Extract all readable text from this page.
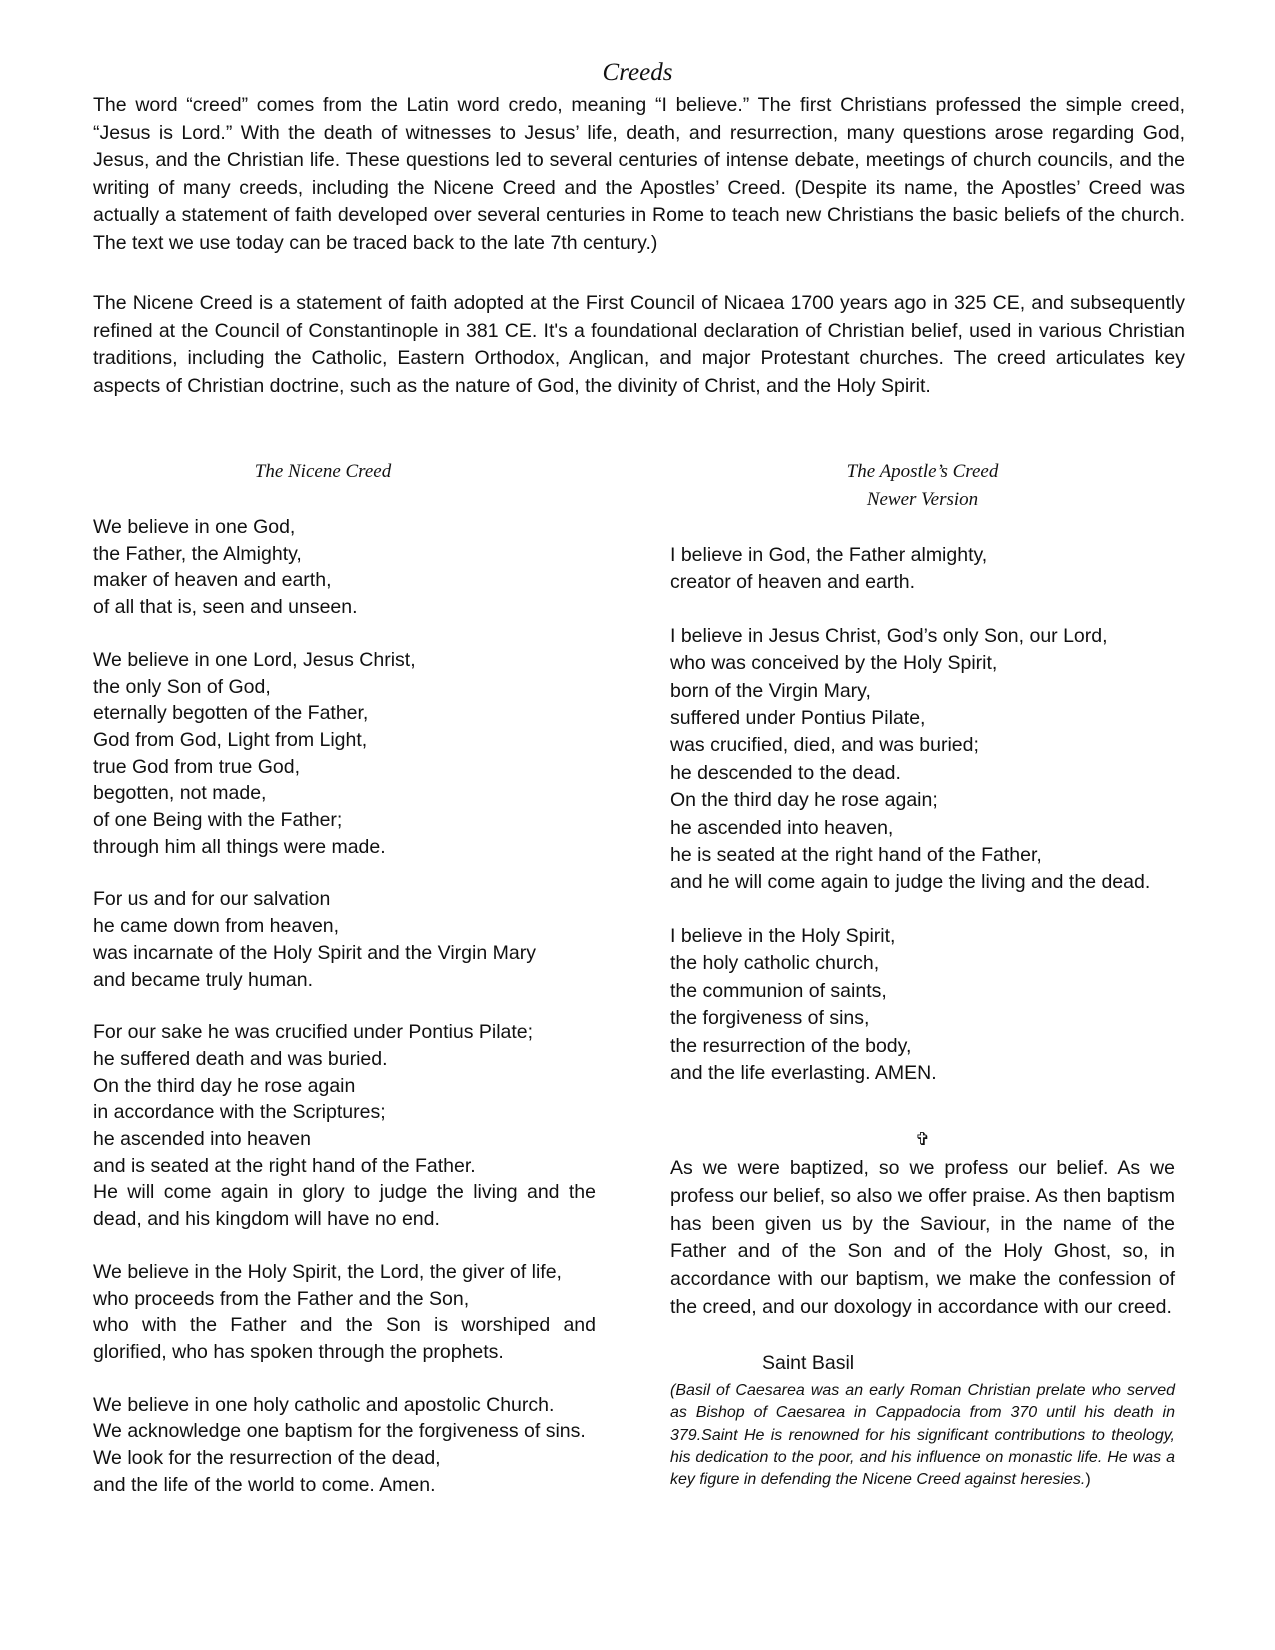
Creeds

The word “creed” comes from the Latin word credo, meaning “I believe.” The first Christians professed the simple creed, “Jesus is Lord.” With the death of witnesses to Jesus’ life, death, and resurrection, many questions arose regarding God, Jesus, and the Christian life. These questions led to several centuries of intense debate, meetings of church councils, and the writing of many creeds, including the Nicene Creed and the Apostles’ Creed. (Despite its name, the Apostles’ Creed was actually a statement of faith developed over several centuries in Rome to teach new Christians the basic beliefs of the church. The text we use today can be traced back to the late 7th century.)

The Nicene Creed is a statement of faith adopted at the First Council of Nicaea 1700 years ago in 325 CE, and subsequently refined at the Council of Constantinople in 381 CE. It's a foundational declaration of Christian belief, used in various Christian traditions, including the Catholic, Eastern Orthodox, Anglican, and major Protestant churches. The creed articulates key aspects of Christian doctrine, such as the nature of God, the divinity of Christ, and the Holy Spirit.

The Nicene Creed

We believe in one God,
the Father, the Almighty,
maker of heaven and earth,
of all that is, seen and unseen.

We believe in one Lord, Jesus Christ,
the only Son of God,
eternally begotten of the Father,
God from God, Light from Light,
true God from true God,
begotten, not made,
of one Being with the Father;
through him all things were made.

For us and for our salvation
he came down from heaven,
was incarnate of the Holy Spirit and the Virgin Mary
and became truly human.

For our sake he was crucified under Pontius Pilate;
he suffered death and was buried.
On the third day he rose again
in accordance with the Scriptures;
he ascended into heaven
and is seated at the right hand of the Father.
He will come again in glory to judge the living and the dead, and his kingdom will have no end.

We believe in the Holy Spirit, the Lord, the giver of life,
who proceeds from the Father and the Son,
who with the Father and the Son is worshiped and glorified, who has spoken through the prophets.

We believe in one holy catholic and apostolic Church.
We acknowledge one baptism for the forgiveness of sins.
We look for the resurrection of the dead,
and the life of the world to come. Amen.

The Apostle’s Creed
Newer Version

I believe in God, the Father almighty,
creator of heaven and earth.

I believe in Jesus Christ, God’s only Son, our Lord,
who was conceived by the Holy Spirit,
born of the Virgin Mary,
suffered under Pontius Pilate,
was crucified, died, and was buried;
he descended to the dead.
On the third day he rose again;
he ascended into heaven,
he is seated at the right hand of the Father,
and he will come again to judge the living and the dead.

I believe in the Holy Spirit,
the holy catholic church,
the communion of saints,
the forgiveness of sins,
the resurrection of the body,
and the life everlasting. AMEN.

✞

As we were baptized, so we profess our belief. As we profess our belief, so also we offer praise. As then baptism has been given us by the Saviour, in the name of the Father and of the Son and of the Holy Ghost, so, in accordance with our baptism, we make the confession of the creed, and our doxology in accordance with our creed.

Saint Basil

(Basil of Caesarea was an early Roman Christian prelate who served as Bishop of Caesarea in Cappadocia from 370 until his death in 379.Saint He is renowned for his significant contributions to theology, his dedication to the poor, and his influence on monastic life. He was a key figure in defending the Nicene Creed against heresies.)
